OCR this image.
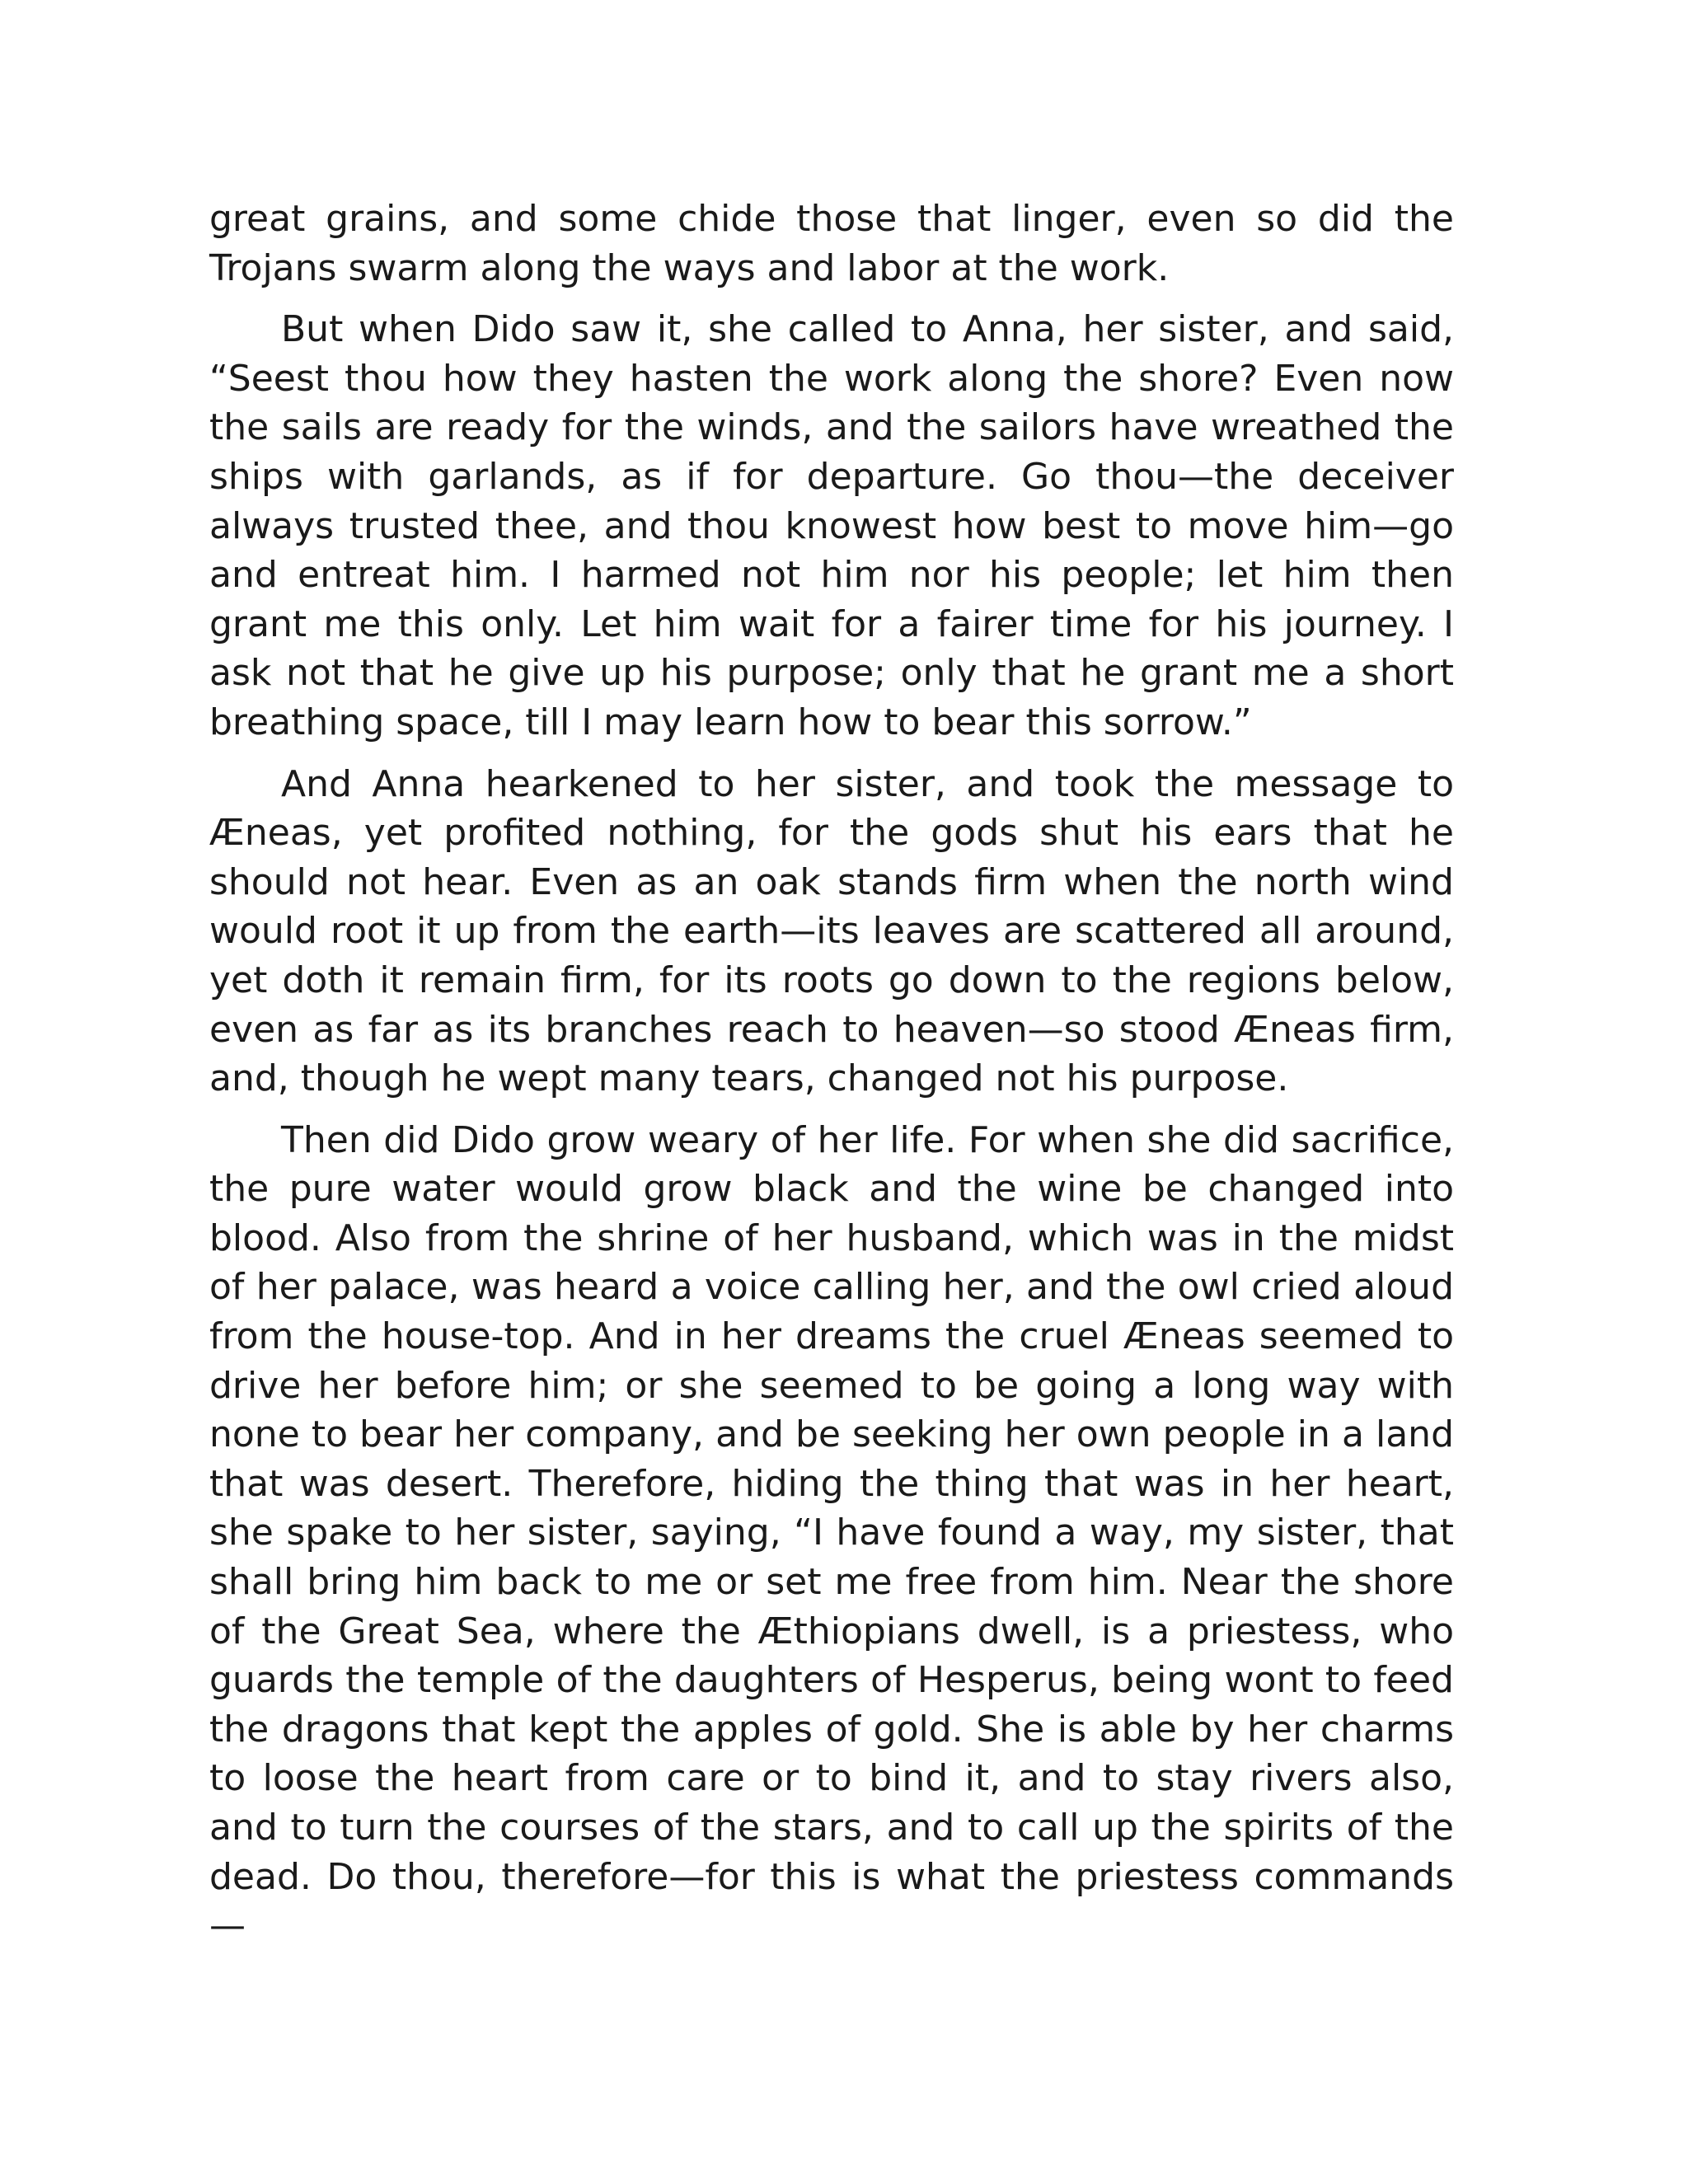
great grains, and some chide those that linger, even so did the Trojans swarm along the ways and labor at the work.

But when Dido saw it, she called to Anna, her sister, and said, “Seest thou how they hasten the work along the shore? Even now the sails are ready for the winds, and the sailors have wreathed the ships with garlands, as if for departure. Go thou—the deceiver always trusted thee, and thou knowest how best to move him—go and entreat him. I harmed not him nor his people; let him then grant me this only. Let him wait for a fairer time for his journey. I ask not that he give up his purpose; only that he grant me a short breathing space, till I may learn how to bear this sorrow.”

And Anna hearkened to her sister, and took the message to Æneas, yet profited nothing, for the gods shut his ears that he should not hear. Even as an oak stands firm when the north wind would root it up from the earth—its leaves are scattered all around, yet doth it remain firm, for its roots go down to the regions below, even as far as its branches reach to heaven—so stood Æneas firm, and, though he wept many tears, changed not his purpose.

Then did Dido grow weary of her life. For when she did sacrifice, the pure water would grow black and the wine be changed into blood. Also from the shrine of her husband, which was in the midst of her palace, was heard a voice calling her, and the owl cried aloud from the house-top. And in her dreams the cruel Æneas seemed to drive her before him; or she seemed to be going a long way with none to bear her company, and be seeking her own people in a land that was desert. Therefore, hiding the thing that was in her heart, she spake to her sister, saying, “I have found a way, my sister, that shall bring him back to me or set me free from him. Near the shore of the Great Sea, where the Æthiopians dwell, is a priestess, who guards the temple of the daughters of Hesperus, being wont to feed the dragons that kept the apples of gold. She is able by her charms to loose the heart from care or to bind it, and to stay rivers also, and to turn the courses of the stars, and to call up the spirits of the dead. Do thou, therefore—for this is what the priestess commands—
